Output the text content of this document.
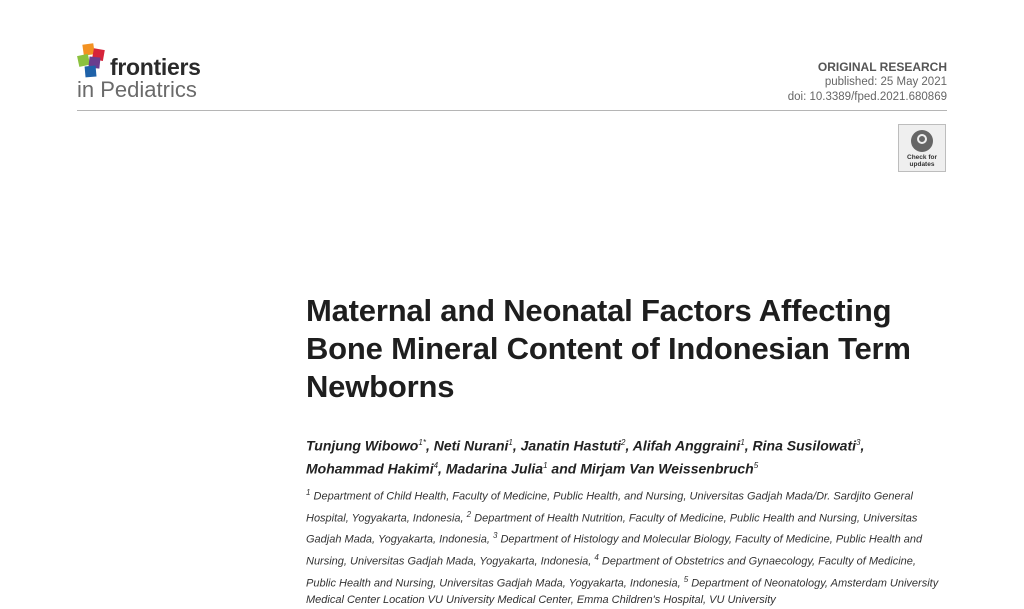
frontiers
in Pediatrics
ORIGINAL RESEARCH
published: 25 May 2021
doi: 10.3389/fped.2021.680869
Check for
updates
Maternal and Neonatal Factors Affecting Bone Mineral Content of Indonesian Term Newborns

Tunjung Wibowo$^{1*}$, Neti Nurani$^1$, Janatin Hastuti$^2$, Alifah Anggraini$^1$, Rina Susilowati$^3$, Mohammad Hakimi$^4$, Madarina Julia$^1$ and Mirjam Van Weissenbruch$^5$

$^1$ Department of Child Health, Faculty of Medicine, Public Health, and Nursing, Universitas Gadjah Mada/Dr. Sardjito General Hospital, Yogyakarta, Indonesia, $^2$ Department of Health Nutrition, Faculty of Medicine, Public Health and Nursing, Universitas Gadjah Mada, Yogyakarta, Indonesia, $^3$ Department of Histology and Molecular Biology, Faculty of Medicine, Public Health and Nursing, Universitas Gadjah Mada, Yogyakarta, Indonesia, $^4$ Department of Obstetrics and Gynaecology, Faculty of Medicine, Public Health and Nursing, Universitas Gadjah Mada, Yogyakarta, Indonesia, $^5$ Department of Neonatology, Amsterdam University Medical Center Location VU University Medical Center, Emma Children's Hospital, VU University
